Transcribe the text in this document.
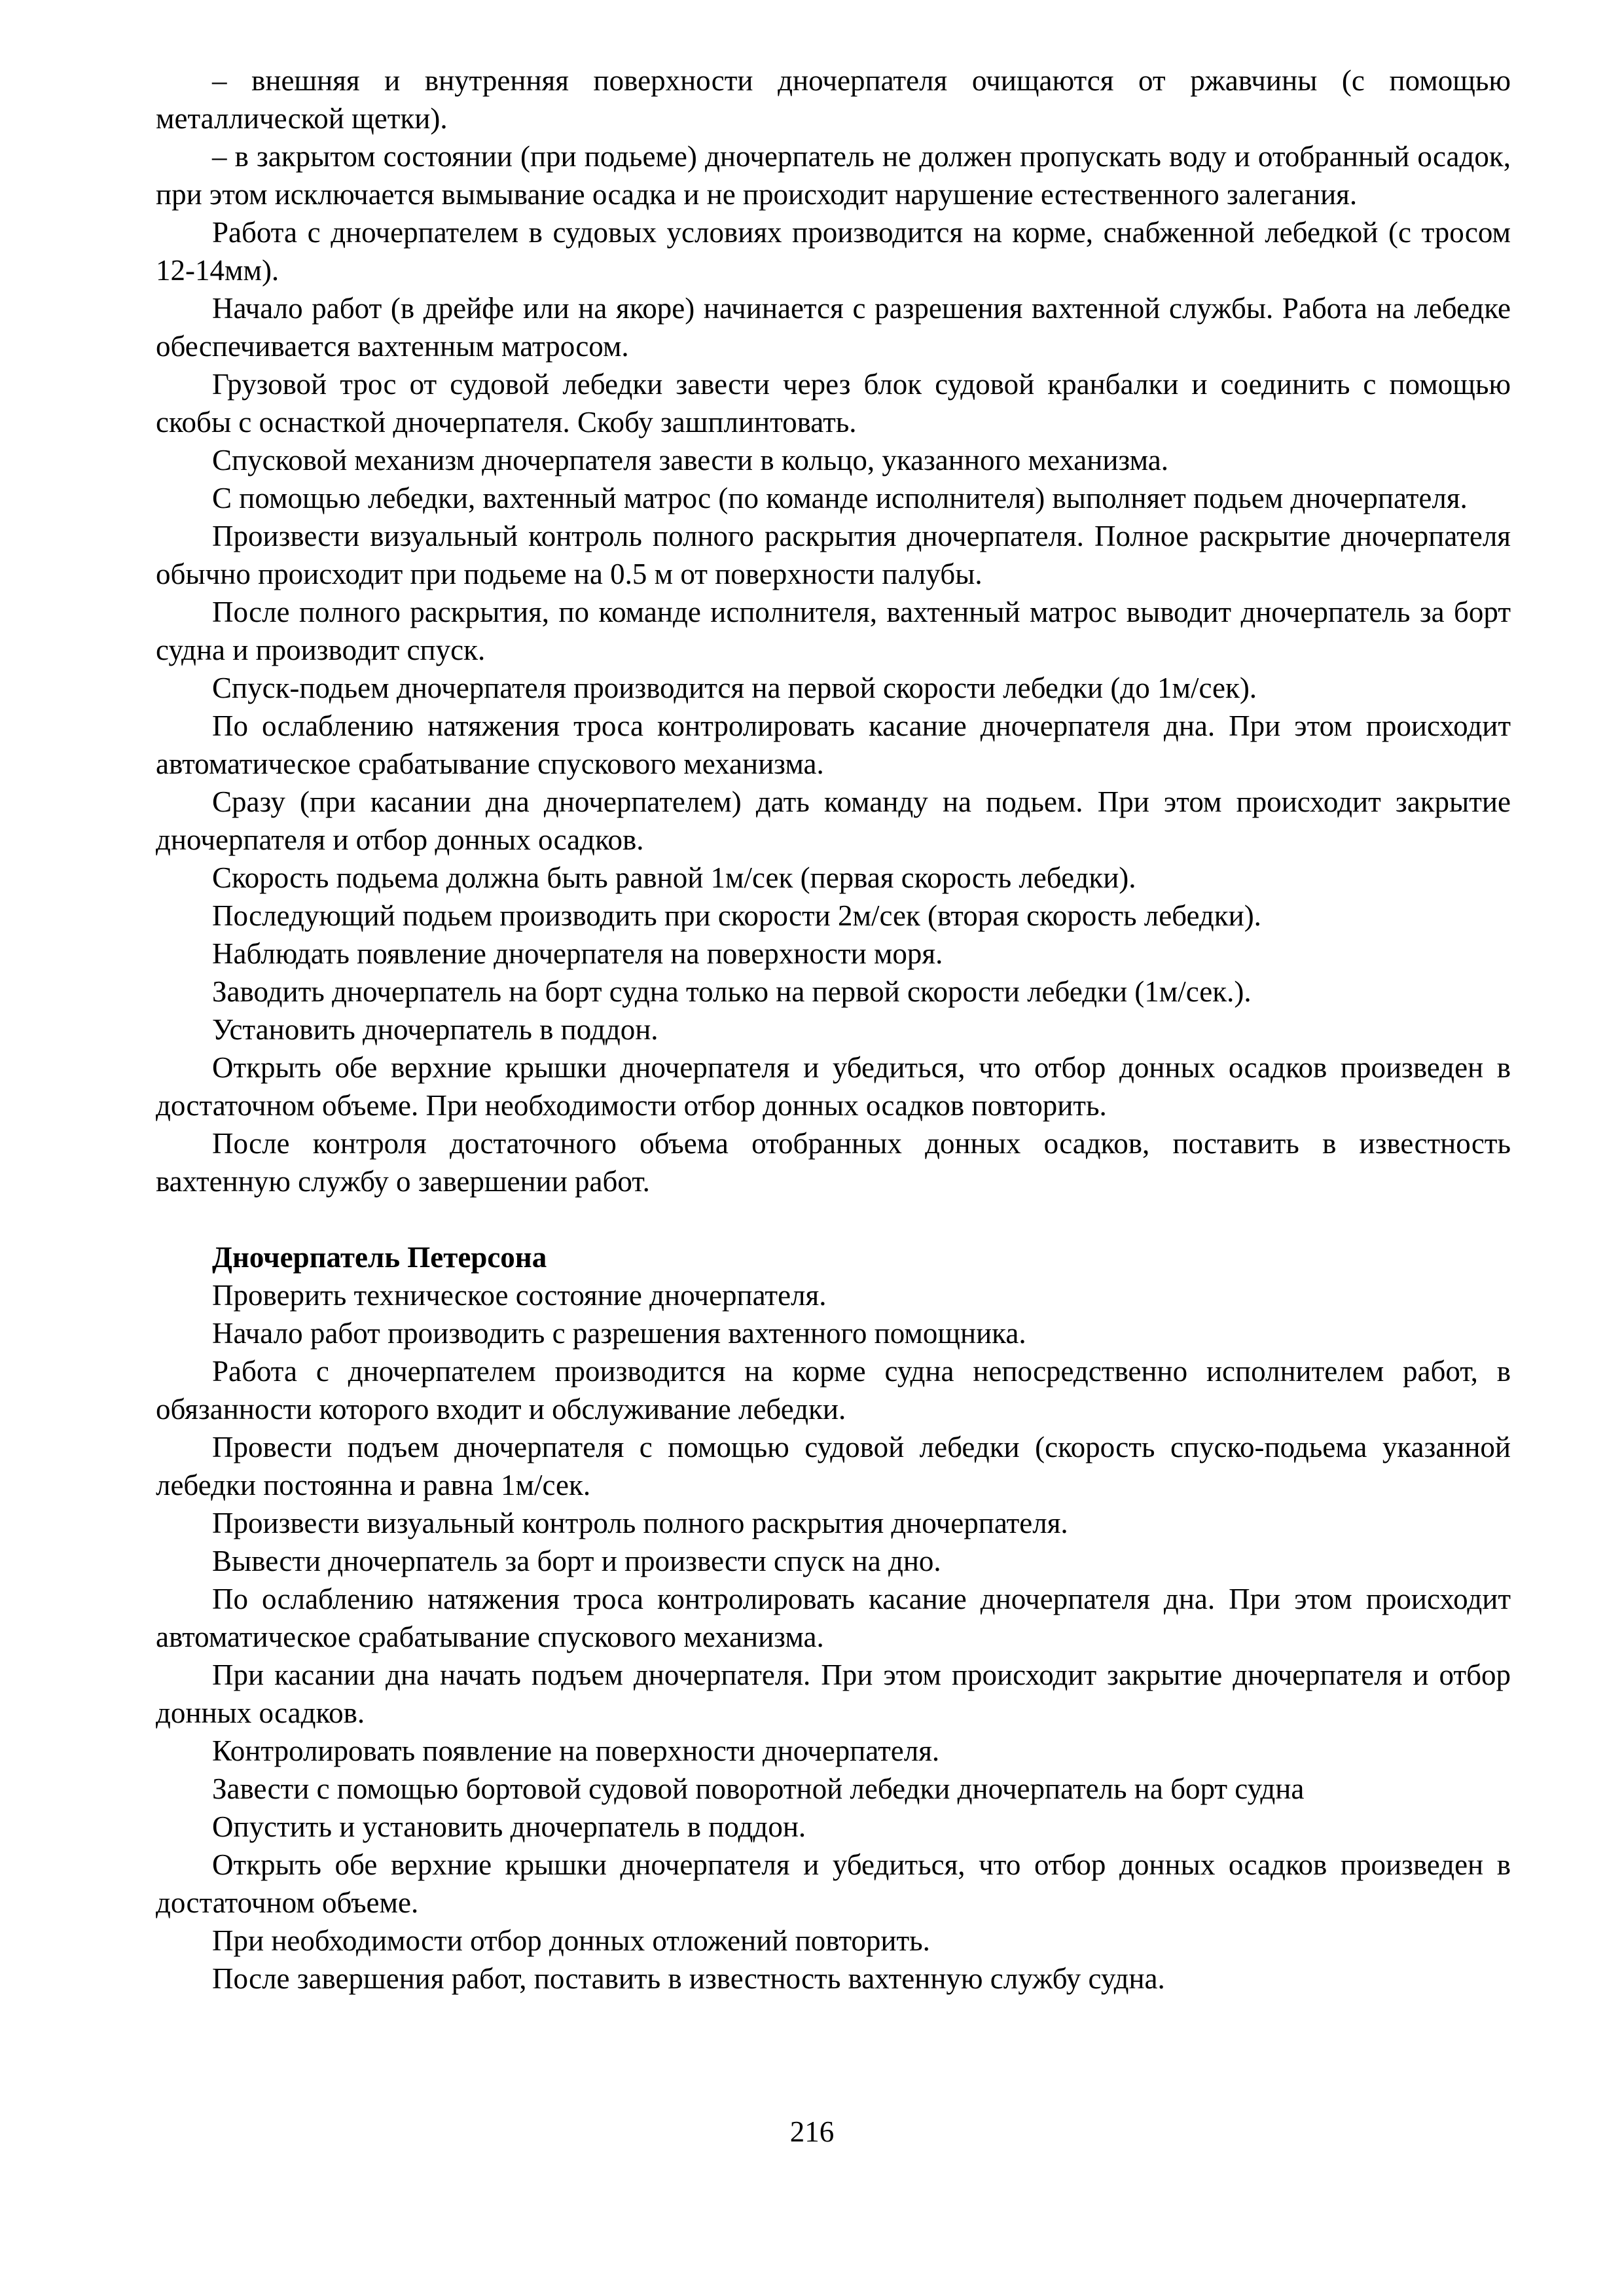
– внешняя и внутренняя поверхности дночерпателя очищаются от ржавчины (с помощью металлической щетки).

– в закрытом состоянии (при подьеме) дночерпатель не должен пропускать воду и отобранный осадок, при этом исключается вымывание осадка и не происходит нарушение естественного залегания.

Работа с дночерпателем в судовых условиях производится на корме, снабженной лебедкой (с тросом 12-14мм).

Начало работ (в дрейфе или на якоре) начинается с разрешения вахтенной службы. Работа на лебедке обеспечивается вахтенным матросом.

Грузовой трос от судовой лебедки завести через блок судовой кранбалки и соединить с помощью скобы с оснасткой дночерпателя. Скобу зашплинтовать.

Спусковой механизм дночерпателя завести в кольцо, указанного механизма.

С помощью лебедки, вахтенный матрос (по команде исполнителя) выполняет подьем дночерпателя.

Произвести визуальный контроль полного раскрытия дночерпателя. Полное раскрытие дночерпателя обычно происходит при подьеме на 0.5 м от поверхности палубы.

После полного раскрытия, по команде исполнителя, вахтенный матрос выводит дночерпатель за борт судна и производит спуск.

Спуск-подьем дночерпателя производится на первой скорости лебедки (до 1м/сек).

По ослаблению натяжения троса контролировать касание дночерпателя дна. При этом происходит автоматическое срабатывание спускового механизма.

Сразу (при касании дна дночерпателем) дать команду на подьем. При этом происходит закрытие дночерпателя и отбор донных осадков.

Скорость подьема должна быть равной 1м/сек (первая скорость лебедки).

Последующий подьем производить при скорости 2м/сек (вторая скорость лебедки).

Наблюдать появление дночерпателя на поверхности моря.

Заводить дночерпатель на борт судна только на первой скорости лебедки (1м/сек.).

Установить дночерпатель в поддон.

Открыть обе верхние крышки дночерпателя и убедиться, что отбор донных осадков произведен в достаточном объеме. При необходимости отбор донных осадков повторить.

После контроля достаточного объема отобранных донных осадков, поставить в известность вахтенную службу о завершении работ.

Дночерпатель Петерсона

Проверить техническое состояние дночерпателя.

Начало работ производить с разрешения вахтенного помощника.

Работа с дночерпателем производится на корме судна непосредственно исполнителем работ, в обязанности которого входит и обслуживание лебедки.

Провести подъем дночерпателя с помощью судовой лебедки (скорость спуско-подьема указанной лебедки постоянна и равна 1м/сек.

Произвести визуальный контроль полного раскрытия дночерпателя.

Вывести дночерпатель за борт и произвести спуск на дно.

По ослаблению натяжения троса контролировать касание дночерпателя дна. При этом происходит автоматическое срабатывание спускового механизма.

При касании дна начать подъем дночерпателя. При этом происходит закрытие дночерпателя и отбор донных осадков.

Контролировать появление на поверхности дночерпателя.

Завести с помощью бортовой судовой поворотной лебедки дночерпатель на борт судна

Опустить и установить дночерпатель в поддон.

Открыть обе верхние крышки дночерпателя и убедиться, что отбор донных осадков произведен в достаточном объеме.

При необходимости отбор донных отложений повторить.

После завершения работ, поставить в известность вахтенную службу судна.

216
